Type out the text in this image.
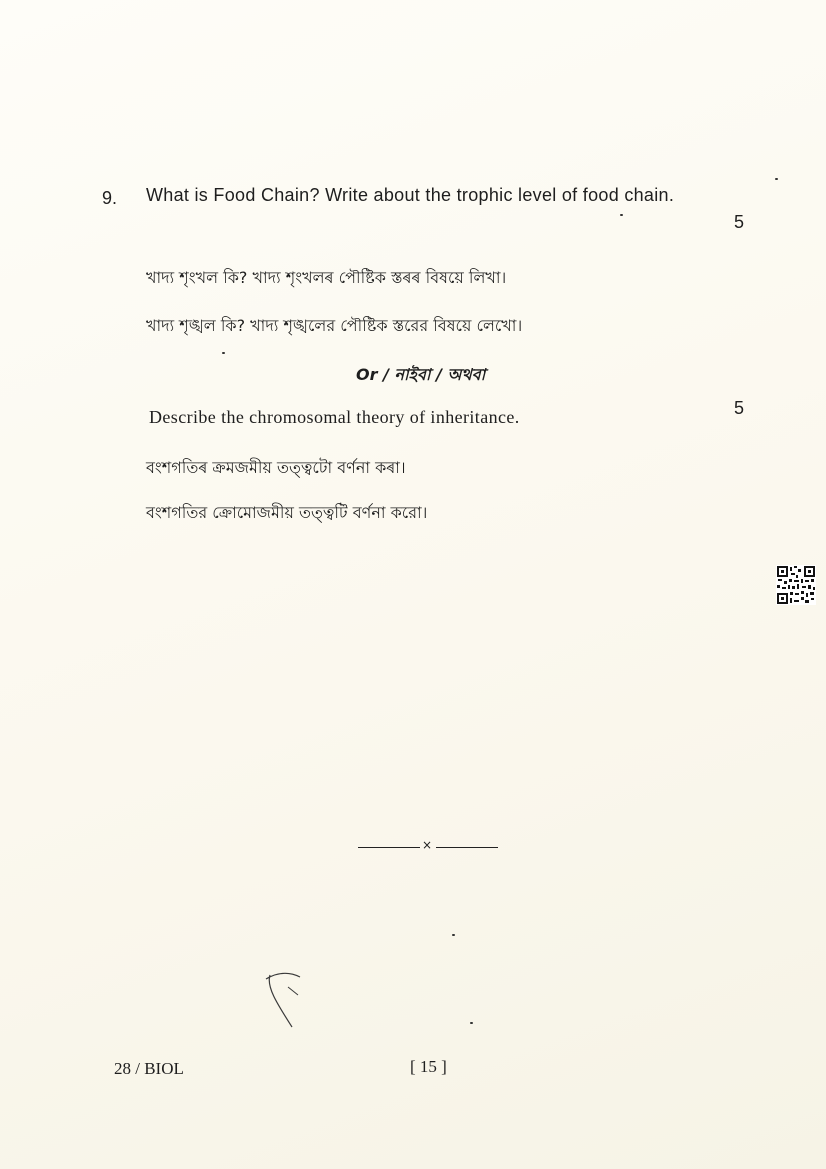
9. What is Food Chain? Write about the trophic level of food chain.
5
খাদ্য শৃংখল কি? খাদ্য শৃংখলৰ পৌষ্টিক স্তৰৰ বিষয়ে লিখা।
খাদ্য শৃঙ্খল কি? খাদ্য শৃঙ্খলের পৌষ্টিক স্তরের বিষয়ে লেখো।
Or / নাইবা / অথবা
Describe the chromosomal theory of inheritance.	5
বংশগতিৰ ক্ৰমজমীয় তত্ত্বটো বৰ্ণনা কৰা।
বংশগতির ক্রোমোজমীয় তত্ত্বটি বর্ণনা করো।
×
28 / BIOL	[ 15 ]
